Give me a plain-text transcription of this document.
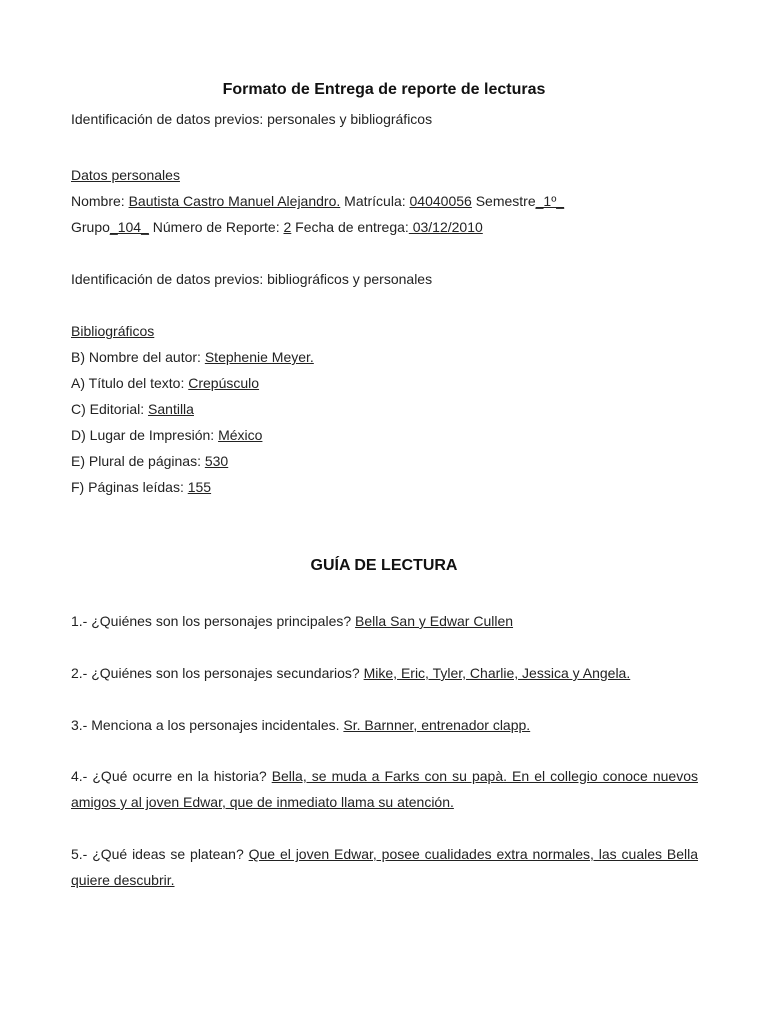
Formato de Entrega de reporte de lecturas
Identificación de datos previos: personales y bibliográficos
Datos personales
Nombre: Bautista Castro Manuel Alejandro. Matrícula: 04040056 Semestre_1º_
Grupo_104_ Número de Reporte: 2 Fecha de entrega: 03/12/2010
Identificación de datos previos: bibliográficos y personales
Bibliográficos
B) Nombre del autor: Stephenie Meyer.
A) Título del texto: Crepúsculo
C) Editorial: Santilla
D) Lugar de Impresión: México
E) Plural de páginas: 530
F) Páginas leídas: 155
GUÍA DE LECTURA
1.- ¿Quiénes son los personajes principales? Bella San y Edwar Cullen
2.- ¿Quiénes son los personajes secundarios? Mike, Eric, Tyler, Charlie, Jessica y Angela.
3.- Menciona a los personajes incidentales. Sr. Barnner, entrenador clapp.
4.- ¿Qué ocurre en la historia? Bella, se muda a Farks con su papà. En el collegio conoce nuevos amigos y al joven Edwar, que de inmediato llama su atención.
5.- ¿Qué ideas se platean? Que el joven Edwar, posee cualidades extra normales, las cuales Bella quiere descubrir.
